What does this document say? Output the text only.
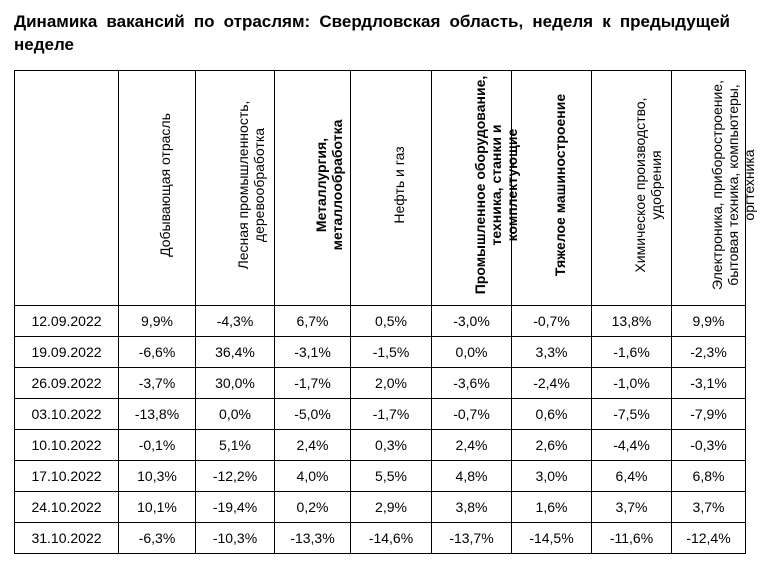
Динамика вакансий по отраслям: Свердловская область, неделя к предыдущей неделе

	Добывающая отрасль	Лесная промышленность, деревообработка	Металлургия, металлообработка	Нефть и газ	Промышленное оборудование, техника, станки и комплектующие	Тяжелое машиностроение	Химическое производство, удобрения	Электроника, приборостроение, бытовая техника, компьютеры, оргтехника

12.09.2022	9,9%	-4,3%	6,7%	0,5%	-3,0%	-0,7%	13,8%	9,9%
19.09.2022	-6,6%	36,4%	-3,1%	-1,5%	0,0%	3,3%	-1,6%	-2,3%
26.09.2022	-3,7%	30,0%	-1,7%	2,0%	-3,6%	-2,4%	-1,0%	-3,1%
03.10.2022	-13,8%	0,0%	-5,0%	-1,7%	-0,7%	0,6%	-7,5%	-7,9%
10.10.2022	-0,1%	5,1%	2,4%	0,3%	2,4%	2,6%	-4,4%	-0,3%
17.10.2022	10,3%	-12,2%	4,0%	5,5%	4,8%	3,0%	6,4%	6,8%
24.10.2022	10,1%	-19,4%	0,2%	2,9%	3,8%	1,6%	3,7%	3,7%
31.10.2022	-6,3%	-10,3%	-13,3%	-14,6%	-13,7%	-14,5%	-11,6%	-12,4%
